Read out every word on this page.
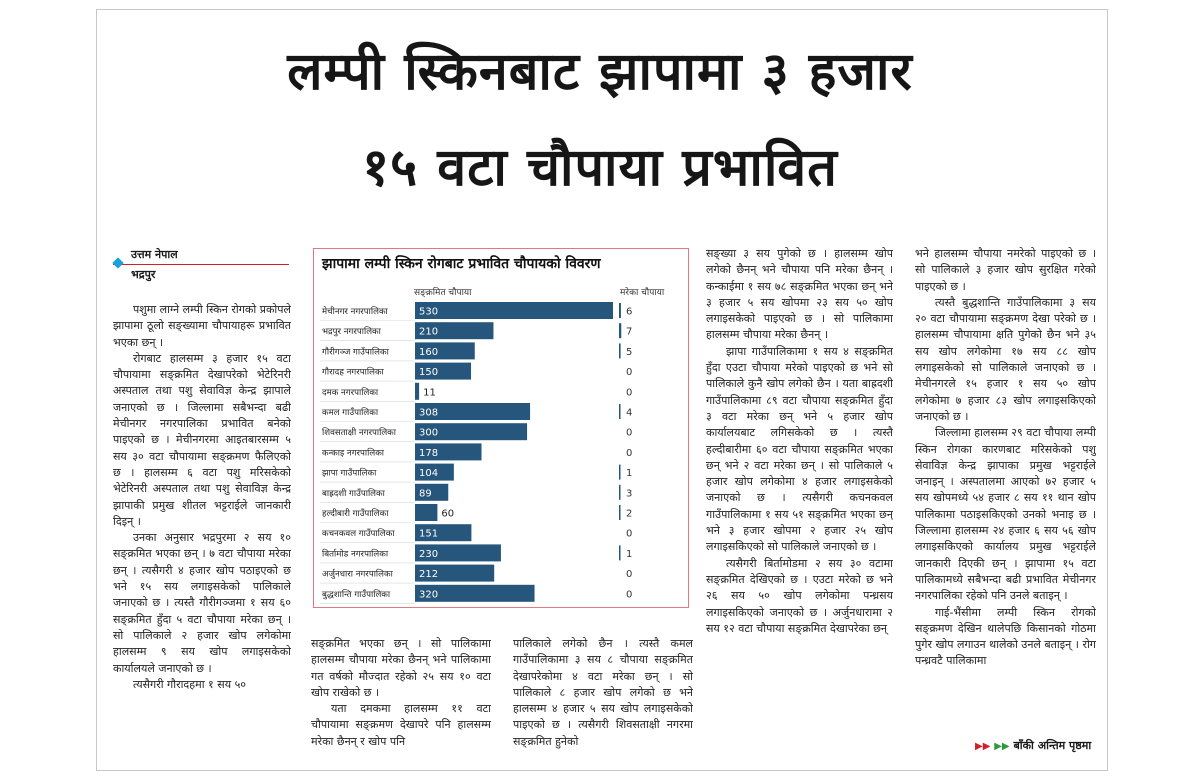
लम्पी स्किनबाट झापामा ३ हजार
१५ वटा चौपाया प्रभावित
उत्तम नेपाल
भद्रपुर

पशुमा लाग्ने लम्पी स्किन रोगको प्रकोपले झापामा ठूलो सङ्ख्यामा चौपायाहरू प्रभावित भएका छन् ।

रोगबाट हालसम्म ३ हजार १५ वटा चौपायामा सङ्क्रमित देखापरेको भेटेरिनरी अस्पताल तथा पशु सेवाविज्ञ केन्द्र झापाले जनाएको छ । जिल्लामा सबैभन्दा बढी मेचीनगर नगरपालिका प्रभावित बनेको पाइएको छ । मेचीनगरमा आइतबारसम्म ५ सय ३० वटा चौपायामा सङ्क्रमण फैलिएको छ । हालसम्म ६ वटा पशु मरिसकेको भेटेरिनरी अस्पताल तथा पशु सेवाविज्ञ केन्द्र झापाकी प्रमुख शीतल भट्टराईले जानकारी दिइन् ।

उनका अनुसार भद्रपुरमा २ सय १० सङ्क्रमित भएका छन् । ७ वटा चौपाया मरेका छन् । त्यसैगरी ४ हजार खोप पठाइएको छ भने १५ सय लगाइसकेको पालिकाले जनाएको छ । त्यस्तै गौरीगञ्जमा १ सय ६० सङ्क्रमित हुँदा ५ वटा चौपाया मरेका छन् । सो पालिकाले २ हजार खोप लगेकोमा हालसम्म ९ सय खोप लगाइसकेको कार्यालयले जनाएको छ ।

त्यसैगरी गौरादहमा १ सय ५०

झापामा लम्पी स्किन रोगबाट प्रभावित चौपायको विवरण
सङ्क्रमित चौपाया	मरेका चौपाया
मेचीनगर नगरपालिका	530	6
भद्रपुर नगरपालिका	210	7
गौरीगञ्ज गाउँपालिका	160	5
गौरादह नगरपालिका	150	0
दमक नगरपालिका	11	0
कमल गाउँपालिका	308	4
शिवसताक्षी नगरपालिका 300	0
कन्काइ नगरपालिका	178	0
झापा गाउँपालिका	104	1
बाह्रदशी गाउँपालिका	89	3
हल्दीबारी गाउँपालिका	60	2
कचनकवल गाउँपालिका 151	0
बिर्तामोड नगरपालिका	230	1
अर्जुनधारा नगरपालिका	212	0
बुद्धशान्ति गाउँपालिका	320	0

सङ्क्रमित भएका छन् । सो पालिकामा हालसम्म चौपाया मरेका छैनन् भने पालिकामा गत वर्षको मौज्दात रहेको २५ सय १० वटा खोप राखेको छ ।

यता दमकमा हालसम्म ११ वटा चौपायामा सङ्क्रमण देखापरे पनि हालसम्म मरेका छैनन् र खोप पनि

पालिकाले लगेको छैन । त्यस्तै कमल गाउँपालिकामा ३ सय ८ चौपाया सङ्क्रमित देखापरेकोमा ४ वटा मरेका छन् । सो पालिकाले ८ हजार खोप लगेको छ भने हालसम्म ४ हजार ५ सय खोप लगाइसकेको पाइएको छ । त्यसैगरी शिवसताक्षी नगरमा सङ्क्रमित हुनेको

सङ्ख्या ३ सय पुगेको छ । हालसम्म खोप लगेको छैनन् भने चौपाया पनि मरेका छैनन् । कन्काईमा १ सय ७८ सङ्क्रमित भएका छन् भने ३ हजार ५ सय खोपमा २३ सय ५० खोप लगाइसकेको पाइएको छ । सो पालिकामा हालसम्म चौपाया मरेका छैनन् ।

झापा गाउँपालिकामा १ सय ४ सङ्क्रमित हुँदा एउटा चौपाया मरेको पाइएको छ भने सो पालिकाले कुनै खोप लगेको छैन । यता बाह्रदशी गाउँपालिकामा ८९ वटा चौपाया सङ्क्रमित हुँदा ३ वटा मरेका छन् भने ५ हजार खोप कार्यालयबाट लगिसकेको छ । त्यस्तै हल्दीबारीमा ६० वटा चौपाया सङ्क्रमित भएका छन् भने २ वटा मरेका छन् । सो पालिकाले ५ हजार खोप लगेकोमा ४ हजार लगाइसकेको जनाएको छ । त्यसैगरी कचनकवल गाउँपालिकामा १ सय ५१ सङ्क्रमित भएका छन् भने ३ हजार खोपमा २ हजार २५ खोप लगाइसकिएको सो पालिकाले जनाएको छ ।

त्यसैगरी बिर्तामोडमा २ सय ३० वटामा सङ्क्रमित देखिएको छ । एउटा मरेको छ भने २६ सय ५० खोप लगेकोमा पन्ध्रसय लगाइसकिएको जनाएको छ । अर्जुनधारामा २ सय १२ वटा चौपाया सङ्क्रमित देखापरेका छन्

भने हालसम्म चौपाया नमरेको पाइएको छ । सो पालिकाले ३ हजार खोप सुरक्षित गरेको पाइएको छ ।

त्यस्तै बुद्धशान्ति गाउँपालिकामा ३ सय २० वटा चौपायामा सङ्क्रमण देखा परेको छ । हालसम्म चौपायामा क्षति पुगेको छैन भने ३५ सय खोप लगेकोमा १७ सय ८८ खोप लगाइसकेको सो पालिकाले जनाएको छ । मेचीनगरले १५ हजार १ सय ५० खोप लगेकोमा ७ हजार ८३ खोप लगाइसकिएको जनाएको छ ।

जिल्लामा हालसम्म २९ वटा चौपाया लम्पी स्किन रोगका कारणबाट मरिसकेको पशु सेवाविज्ञ केन्द्र झापाका प्रमुख भट्टराईले जनाइन् । अस्पतालमा आएको ७२ हजार ५ सय खोपमध्ये ५४ हजार ८ सय ११ थान खोप पालिकामा पठाइसकिएको उनको भनाइ छ । जिल्लामा हालसम्म २४ हजार ६ सय ५६ खोप लगाइसकिएको कार्यालय प्रमुख भट्टराईले जानकारी दिएकी छन् । झापामा १५ वटा पालिकामध्ये सबैभन्दा बढी प्रभावित मेचीनगर नगरपालिका रहेको पनि उनले बताइन् ।

गाई-भैंसीमा लम्पी स्किन रोगको सङ्क्रमण देखिन थालेपछि किसानको गोठमा पुगेर खोप लगाउन थालेको उनले बताइन् । रोग पन्ध्रवटै पालिकामा

▶▶ ▶▶ बाँकी अन्तिम पृष्ठमा
